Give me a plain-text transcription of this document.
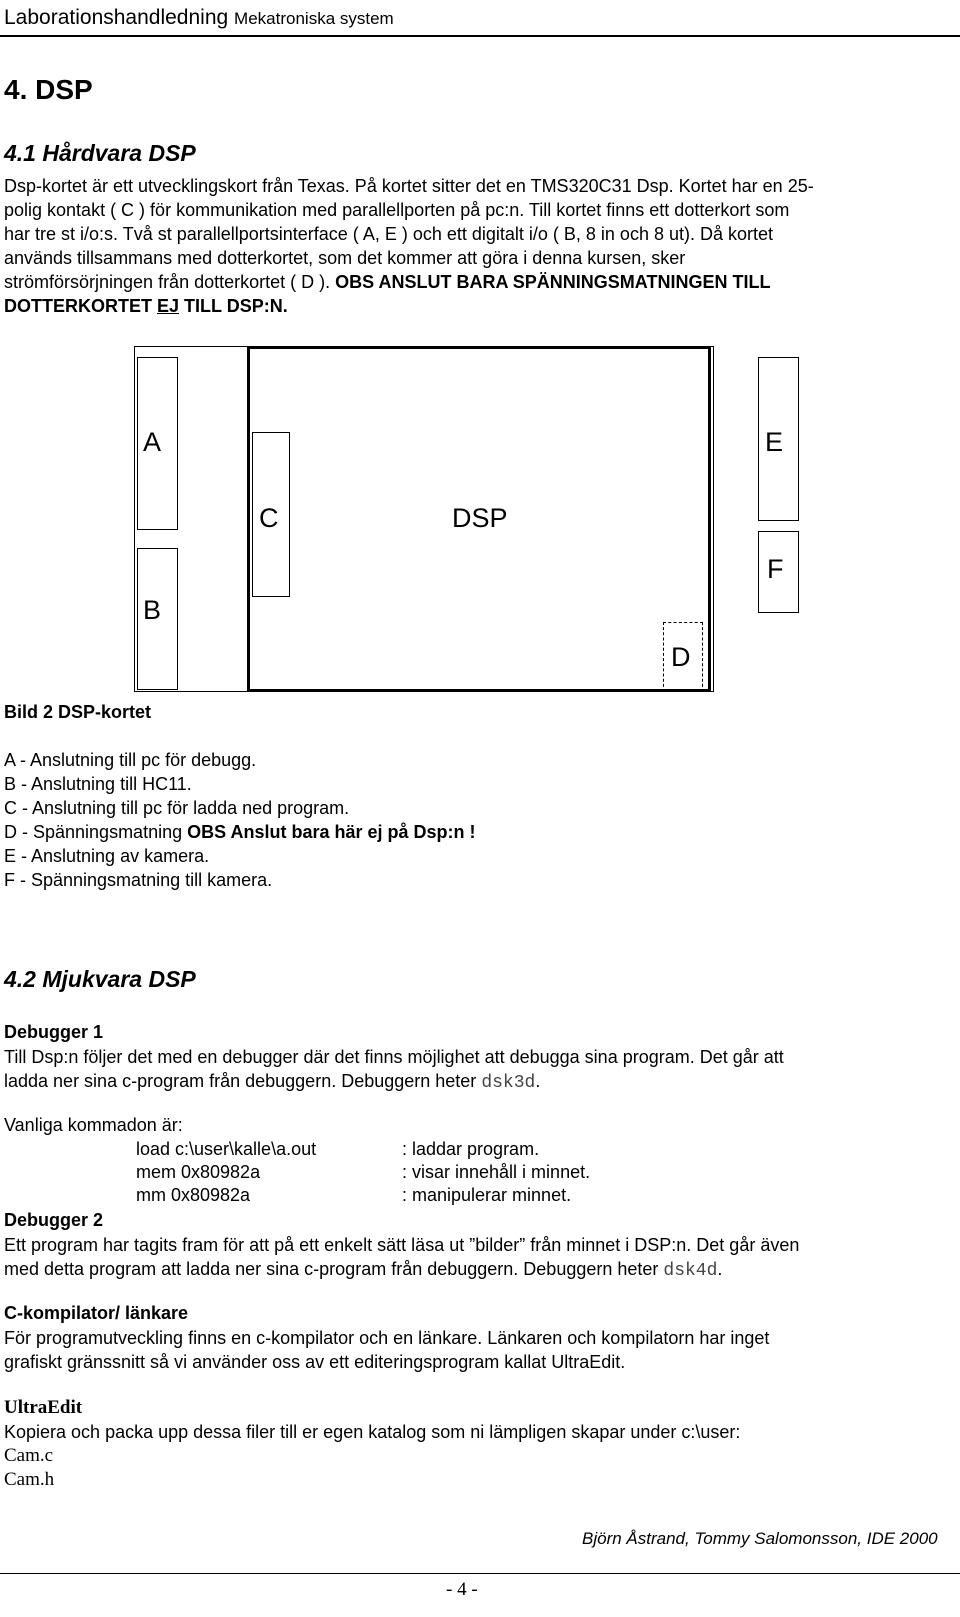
Laborationshandledning Mekatroniska system
4. DSP
4.1 Hårdvara DSP
Dsp-kortet är ett utvecklingskort från Texas. På kortet sitter det en TMS320C31 Dsp. Kortet har en 25-
polig kontakt ( C ) för kommunikation med parallellporten på pc:n. Till kortet finns ett dotterkort som
har tre st i/o:s. Två st parallellportsinterface ( A, E ) och ett digitalt i/o ( B, 8 in och 8 ut). Då kortet
används tillsammans med dotterkortet, som det kommer att göra i denna kursen, sker
strömförsörjningen från dotterkortet ( D ). OBS ANSLUT BARA SPÄNNINGSMATNINGEN TILL
DOTTERKORTET EJ TILL DSP:N.
A
B
C	DSP
D
E
F
Bild 2 DSP-kortet
A - Anslutning till pc för debugg.
B - Anslutning till HC11.
C - Anslutning till pc för ladda ned program.
D - Spänningsmatning OBS Anslut bara här ej på Dsp:n !
E - Anslutning av kamera.
F - Spänningsmatning till kamera.
4.2 Mjukvara DSP
Debugger 1
Till Dsp:n följer det med en debugger där det finns möjlighet att debugga sina program. Det går att
ladda ner sina c-program från debuggern. Debuggern heter dsk3d.
Vanliga kommadon är:
load c:\user\kalle\a.out	: laddar program.
mem 0x80982a	: visar innehåll i minnet.
mm 0x80982a	: manipulerar minnet.
Debugger 2
Ett program har tagits fram för att på ett enkelt sätt läsa ut ”bilder” från minnet i DSP:n. Det går även
med detta program att ladda ner sina c-program från debuggern. Debuggern heter dsk4d.
C-kompilator/ länkare
För programutveckling finns en c-kompilator och en länkare. Länkaren och kompilatorn har inget
grafiskt gränssnitt så vi använder oss av ett editeringsprogram kallat UltraEdit.
UltraEdit
Kopiera och packa upp dessa filer till er egen katalog som ni lämpligen skapar under c:\user:
Cam.c
Cam.h
Björn Åstrand, Tommy Salomonsson, IDE 2000
- 4 -
